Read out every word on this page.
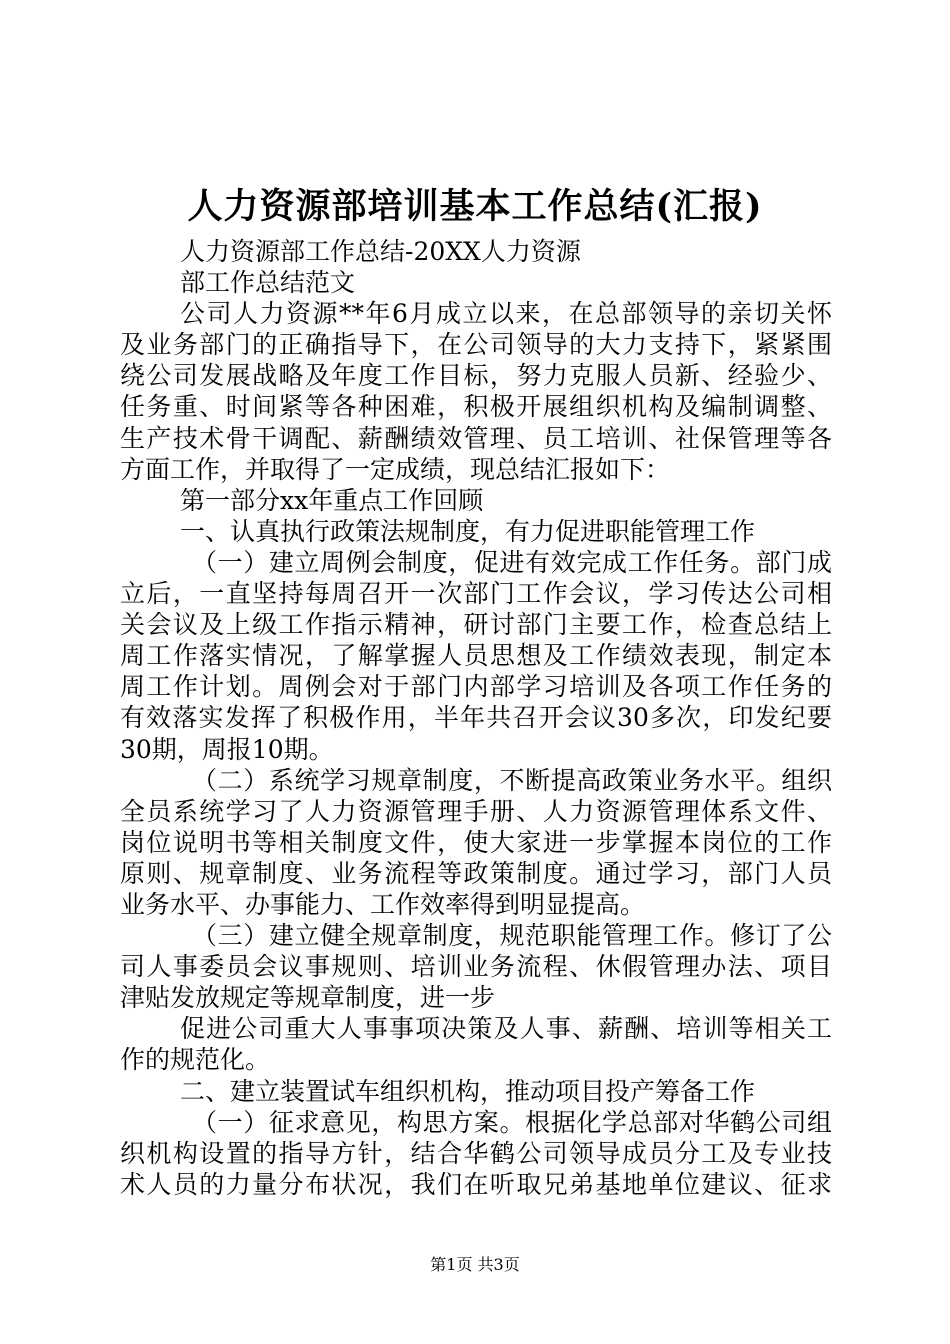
人力资源部培训基本工作总结(汇报)
人力资源部工作总结-20XX人力资源
部工作总结范文
公司人力资源**年6月成立以来，在总部领导的亲切关怀
及业务部门的正确指导下，在公司领导的大力支持下，紧紧围
绕公司发展战略及年度工作目标，努力克服人员新、经验少、
任务重、时间紧等各种困难，积极开展组织机构及编制调整、
生产技术骨干调配、薪酬绩效管理、员工培训、社保管理等各
方面工作，并取得了一定成绩，现总结汇报如下：
第一部分xx年重点工作回顾
一、认真执行政策法规制度，有力促进职能管理工作
（一）建立周例会制度，促进有效完成工作任务。部门成
立后，一直坚持每周召开一次部门工作会议，学习传达公司相
关会议及上级工作指示精神，研讨部门主要工作，检查总结上
周工作落实情况，了解掌握人员思想及工作绩效表现，制定本
周工作计划。周例会对于部门内部学习培训及各项工作任务的
有效落实发挥了积极作用，半年共召开会议30多次，印发纪要
30期，周报10期。
（二）系统学习规章制度，不断提高政策业务水平。组织
全员系统学习了人力资源管理手册、人力资源管理体系文件、
岗位说明书等相关制度文件，使大家进一步掌握本岗位的工作
原则、规章制度、业务流程等政策制度。通过学习，部门人员
业务水平、办事能力、工作效率得到明显提高。
（三）建立健全规章制度，规范职能管理工作。修订了公
司人事委员会议事规则、培训业务流程、休假管理办法、项目
津贴发放规定等规章制度，进一步
促进公司重大人事事项决策及人事、薪酬、培训等相关工
作的规范化。
二、建立装置试车组织机构，推动项目投产筹备工作
（一）征求意见，构思方案。根据化学总部对华鹤公司组
织机构设置的指导方针，结合华鹤公司领导成员分工及专业技
术人员的力量分布状况，我们在听取兄弟基地单位建议、征求
第1页 共3页
